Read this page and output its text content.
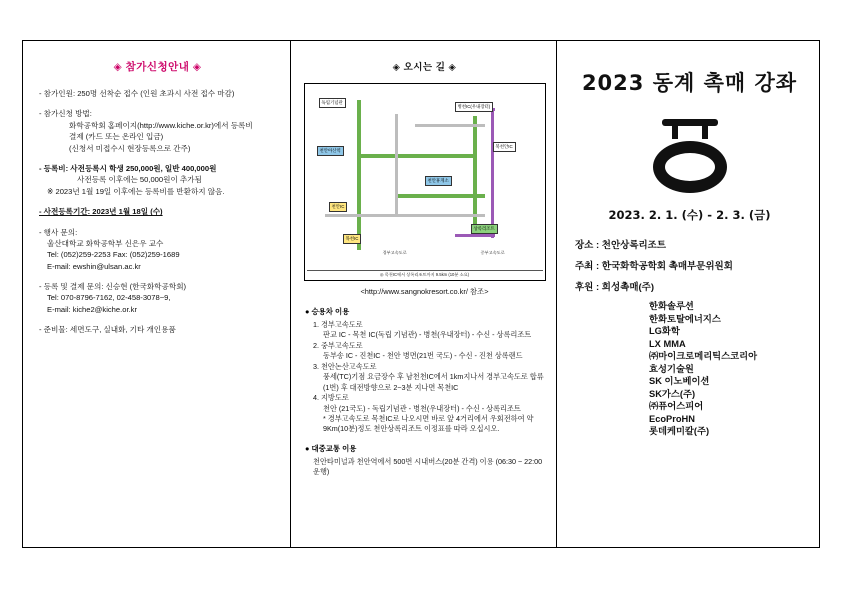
◈ 참가신청안내 ◈

- 참가인원: 250명 선착순 접수 (인원 초과시 사전 접수 마감)

- 참가신청 방법:

화학공학회 홈페이지(http://www.kiche.or.kr)에서 등록비

결제 (카드 또는 온라인 입금)

(신청서 미접수시 현장등록으로 간주)

- 등록비: 사전등록시 학생 250,000원, 일반 400,000원

사전등록 이후에는 50,000원이 추가됨

※ 2023년 1월 19일 이후에는 등록비를 반환하지 않음.

- 사전등록기간: 2023년 1월 18일 (수)

- 행사 문의:

울산대학교 화학공학부 신은우 교수

Tel: (052)259-2253 Fax: (052)259-1689

E-mail: ewshin@ulsan.ac.kr

- 등록 및 결제 문의: 신승현 (한국화학공학회)

Tel: 070-8796-7162, 02-458-3078~9,

E-mail: kiche2@kiche.or.kr

- 준비물: 세면도구, 실내화, 기타 개인용품

◈ 오시는 길 ◈
독립기념관
천안아산역
천안IC
목천IC
병천IC(우내장터)
북천안IC
천안휴게소
상록리조트
경부고속도로	중부고속도로
◎ 목천IC에서 상록리조트까지 9.5km (10분 소요)
<http://www.sangnokresort.co.kr/ 참조>
● 승용차 이용

1. 경부고속도로

판교 IC - 목천 IC(독립 기념관) - 병천(우내장터) - 수신 - 상록리조트

2. 중부고속도로

동부송 IC - 진천IC - 천안 병면(21번 국도) - 수신 - 진천 상록랜드

3. 천안논산고속도로

풍세(TC)기점 요금장수 후 남천천IC에서 1km지나서 경부고속도로 합류(1번) 후 대전방향으로 2~3분 지나면 목천IC

4. 지방도로

천안 (21국도) - 독립기념관 - 병천(우내장터) - 수신 - 상록리조트

* 경부고속도로 목천IC로 나오시면 바로 앞 4거리에서 우회전하여 약 9Km(10분)정도 천안상록리조트 이정표를 따라 오십시오.

● 대중교통 이용

천안타미널과 천안역에서 500번 시내버스(20분 간격) 이용 (06:30 ~ 22:00 운행)

2023 동계 촉매 강좌
2023. 2. 1. (수) - 2. 3. (금)
장소 : 천안상록리조트
주최 : 한국화학공학회 촉매부문위원회
후원 : 희성촉매(주)
한화솔루션
한화토탈에너지스
LG화학
LX MMA
㈜마이크로메리틱스코리아
효성기술원
SK 이노베이션
SK가스(주)
㈜퓨어스피어
EcoProHN
롯데케미칼(주)
